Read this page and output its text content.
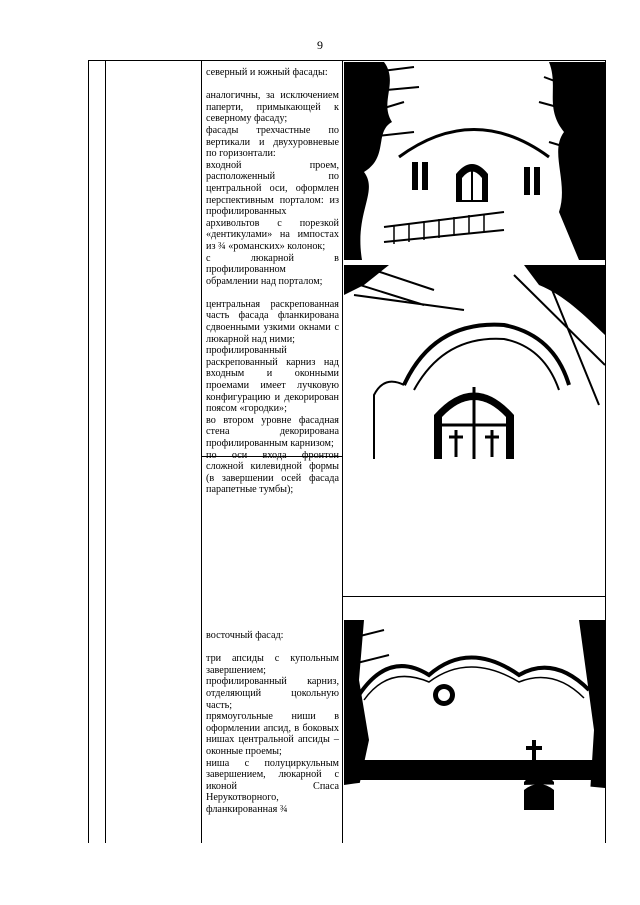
9

северный и южный фасады:

аналогичны, за исключением паперти, примыкающей к северному фасаду;

фасады трехчастные по вертикали и двухуровневые по горизонтали:

входной проем, расположенный по центральной оси, оформлен перспективным порталом: из профилированных архивольтов с порезкой «дентикулами» на импостах из ¾ «романских» колонок;

с люкарной в профилированном обрамлении над порталом;

центральная раскрепованная часть фасада фланкирована сдвоенными узкими окнами с люкарной над ними;

профилированный раскрепованный карниз над входным и оконными проемами имеет лучковую конфигурацию и декорирован поясом «городки»;

во втором уровне фасадная стена декорирована профилированным карнизом;

по оси входа фронтон сложной килевидной формы (в завершении осей фасада парапетные тумбы);

восточный фасад:

три апсиды с купольным завершением;

профилированный карниз, отделяющий цокольную часть;

прямоугольные ниши в оформлении апсид, в боковых нишах центральной апсиды – оконные проемы;

ниша с полуциркульным завершением, люкарной с иконой Спаса Нерукотворного, фланкированная ¾
